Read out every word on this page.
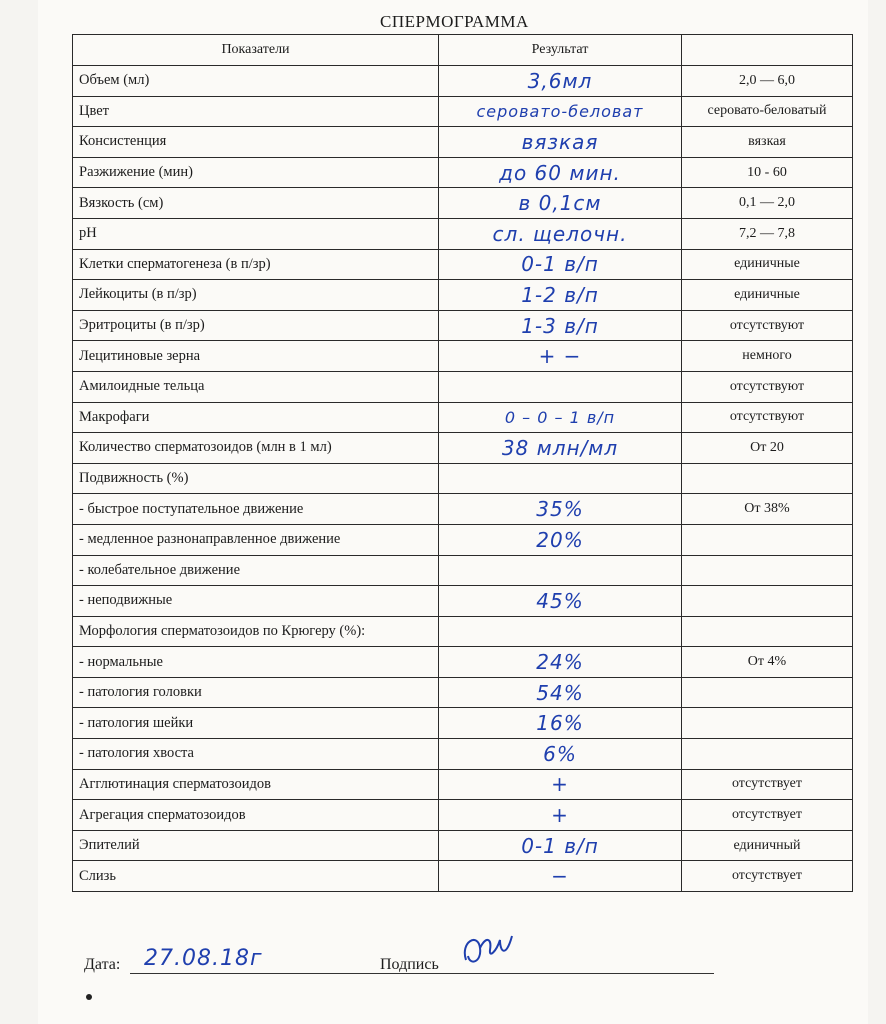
СПЕРМОГРАММА
Показатели	Результат	
Объем (мл)	3,6мл	2,0 — 6,0
Цвет	серовато-беловат	серовато-беловатый
Консистенция	вязкая	вязкая
Разжижение (мин)	до 60 мин.	10 - 60
Вязкость (см)	в 0,1см	0,1 — 2,0
рН	сл. щелочн.	7,2 — 7,8
Клетки сперматогенеза (в п/зр)	0-1 в/п	единичные
Лейкоциты (в п/зр)	1-2 в/п	единичные
Эритроциты (в п/зр)	1-3 в/п	отсутствуют
Лецитиновые зерна	+ −	немного
Амилоидные тельца		отсутствуют
Макрофаги	0 – 0 – 1 в/п	отсутствуют
Количество сперматозоидов (млн в 1 мл)	38 млн/мл	От 20
Подвижность (%)		
- быстрое поступательное движение	35%	От 38%
- медленное разнонаправленное движение	20%	
- колебательное движение		
- неподвижные	45%	
Морфология сперматозоидов по Крюгеру (%):		
- нормальные	24%	От 4%
- патология головки	54%	
- патология шейки	16%	
- патология хвоста	6%	
Агглютинация сперматозоидов	+	отсутствует
Агрегация сперматозоидов	+	отсутствует
Эпителий	0-1 в/п	единичный
Слизь	−	отсутствует
Дата: 27.08.18г	Подпись
